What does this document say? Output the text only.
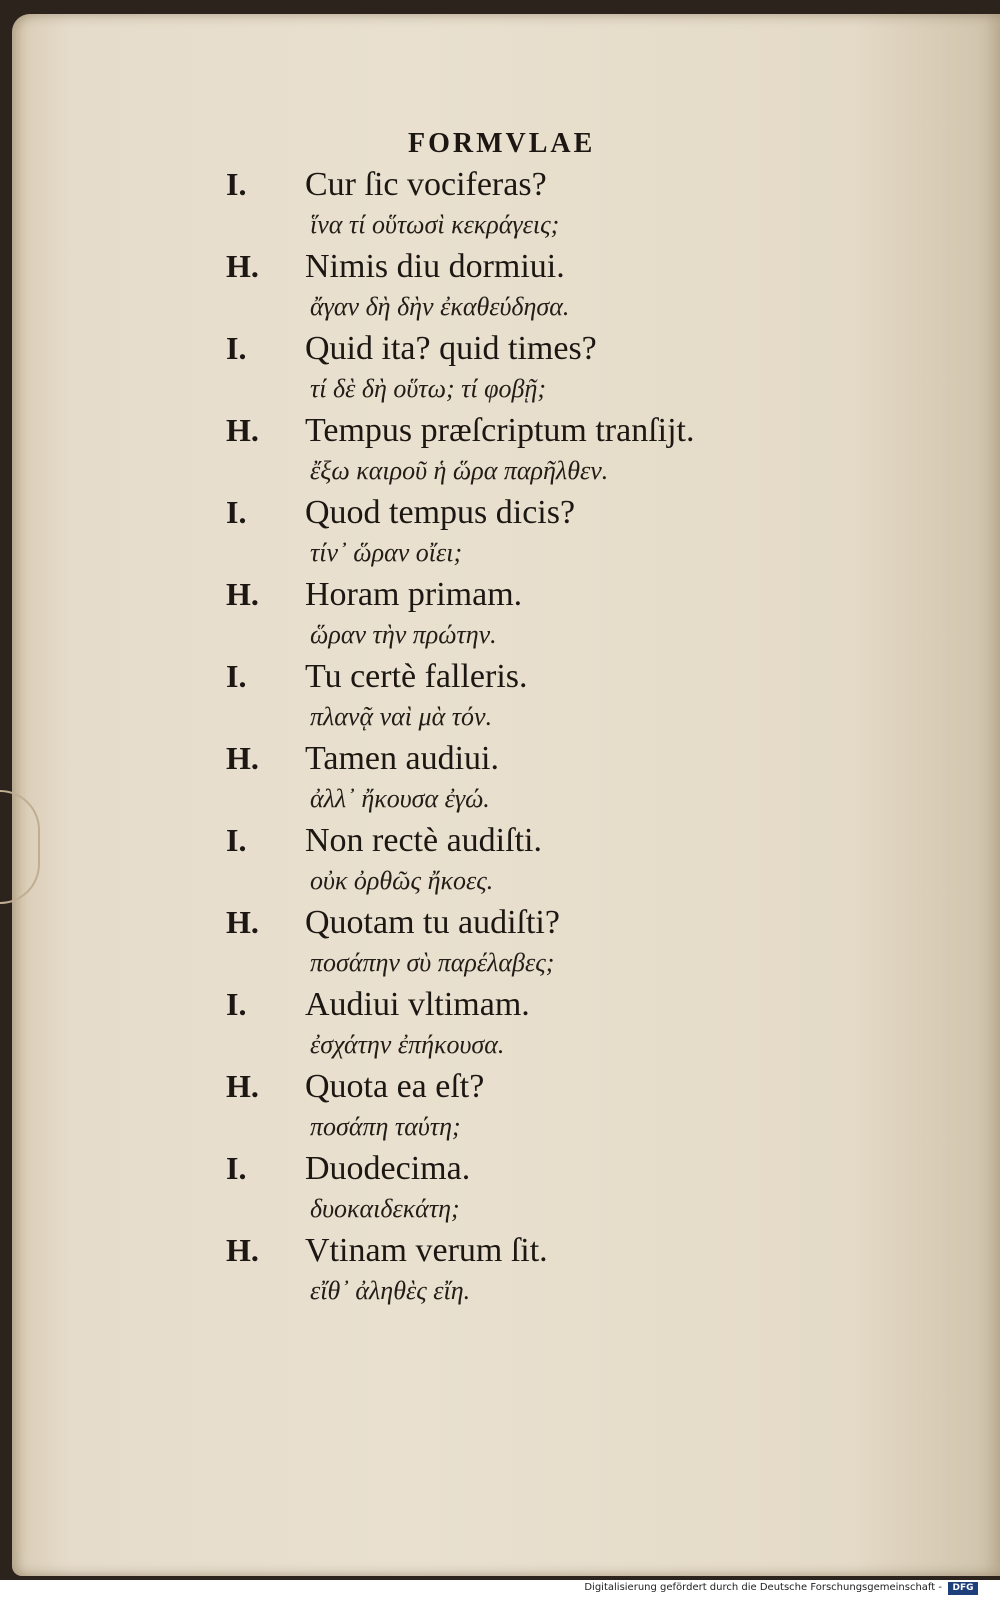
FORMVLAE
I. Cur ſic vociferas?
ἵνα τί οὕτωσὶ κεκράγεις;
H. Nimis diu dormiui.
ἄγαν δὴ δὴν ἐκαθεύδησα.
I. Quid ita? quid times?
τί δὲ δὴ οὕτω; τί φοβῇ;
H. Tempus præſcriptum tranſijt.
ἔξω καιροῦ ἡ ὥρα παρῆλθεν.
I. Quod tempus dicis?
τίν᾽ ὥραν οἴει;
H. Horam primam.
ὥραν τὴν πρώτην.
I. Tu certè falleris.
πλανᾷ ναὶ μὰ τόν.
H. Tamen audiui.
ἀλλ᾽ ἤκουσα ἐγώ.
I. Non rectè audiſti.
οὐκ ὀρθῶς ἤκοες.
H. Quotam tu audiſti?
ποσάπην σὺ παρέλαβες;
I. Audiui vltimam.
ἐσχάτην ἐπήκουσα.
H. Quota ea eſt?
ποσάπη ταύτη;
I. Duodecima.
δυοκαιδεκάτη;
H. Vtinam verum ſit.
εἴθ᾽ ἀληθὲς εἴη.
Digitalisierung gefördert durch die Deutsche Forschungsgemeinschaft -	DFG
